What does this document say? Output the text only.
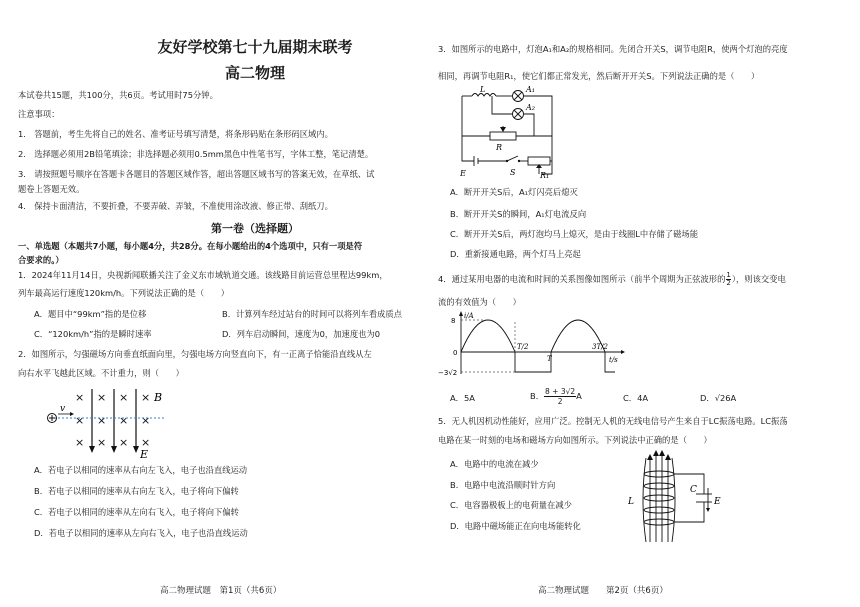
友好学校第七十九届期末联考
高二物理
本试卷共15题，共100分，共6页。考试用时75分钟。
注意事项：
1.　答题前，考生先将自己的姓名、准考证号填写清楚，将条形码贴在条形码区域内。
2.　选择题必须用2B铅笔填涂；非选择题必须用0.5mm黑色中性笔书写，字体工整，笔记清楚。
3.　请按照题号顺序在答题卡各题目的答题区域作答，超出答题区域书写的答案无效，在草纸、试
题卷上答题无效。
4.　保持卡面清洁，不要折叠，不要弄破、弄皱，不准使用涂改液、修正带、刮纸刀。
第一卷（选择题）
一、单选题（本题共7小题，每小题4分，共28分。在每小题给出的4个选项中，只有一项是符
合要求的。）
1．2024年11月14日，央视新闻联播关注了金义东市域轨道交通。该线路目前运营总里程达99km，
列车最高运行速度120km/h。下列说法正确的是（　　）
A．题目中“99km”指的是位移	B．计算列车经过站台的时间可以将列车看成质点
C．“120km/h”指的是瞬时速率	D．列车启动瞬间，速度为0，加速度也为0
2．如图所示，匀强磁场方向垂直纸面向里，匀强电场方向竖直向下，有一正离子恰能沿直线从左
向右水平飞越此区域。不计重力，则（　　）
× × × ×
× × × ×
× × × ×
v
B
E
A．若电子以相同的速率从右向左飞入，电子也沿直线运动
B．若电子以相同的速率从右向左飞入，电子将向下偏转
C．若电子以相同的速率从左向右飞入，电子将向下偏转
D．若电子以相同的速率从左向右飞入，电子也沿直线运动
高二物理试题　第1页（共6页）
3．如图所示的电路中，灯泡A₁和A₂的规格相同。先闭合开关S，调节电阻R，使两个灯泡的亮度
相同，再调节电阻R₁，使它们都正常发光，然后断开开关S。下列说法正确的是（　　）
L	A₁
A₂
R
R₁
E	S
A．断开开关S后，A₁灯闪亮后熄灭
B．断开开关S的瞬间，A₁灯电流反向
C．断开开关S后，两灯泡均马上熄灭，是由于线圈L中存储了磁场能
D．重新接通电路，两个灯马上亮起
4．通过某用电器的电流和时间的关系图像如图所示（前半个周期为正弦波形的 $\frac{1}{2}$ ），则该交变电
流的有效值为（　　）
i/A
8
0
−3√2
T/2
T
3T/2
t/s
A．5A	B． $\frac{8 + 3√2}{2}$ A	C．4A	D．√26A
5．无人机因机动性能好，应用广泛。控制无人机的无线电信号产生来自于LC振荡电路。LC振荡
电路在某一时刻的电场和磁场方向如图所示。下列说法中正确的是（　　）
A．电路中的电流在减少
B．电路中电流沿顺时针方向
C．电容器极板上的电荷量在减少
D．电路中磁场能正在向电场能转化
L
C
E
高二物理试题　　第2页（共6页）
